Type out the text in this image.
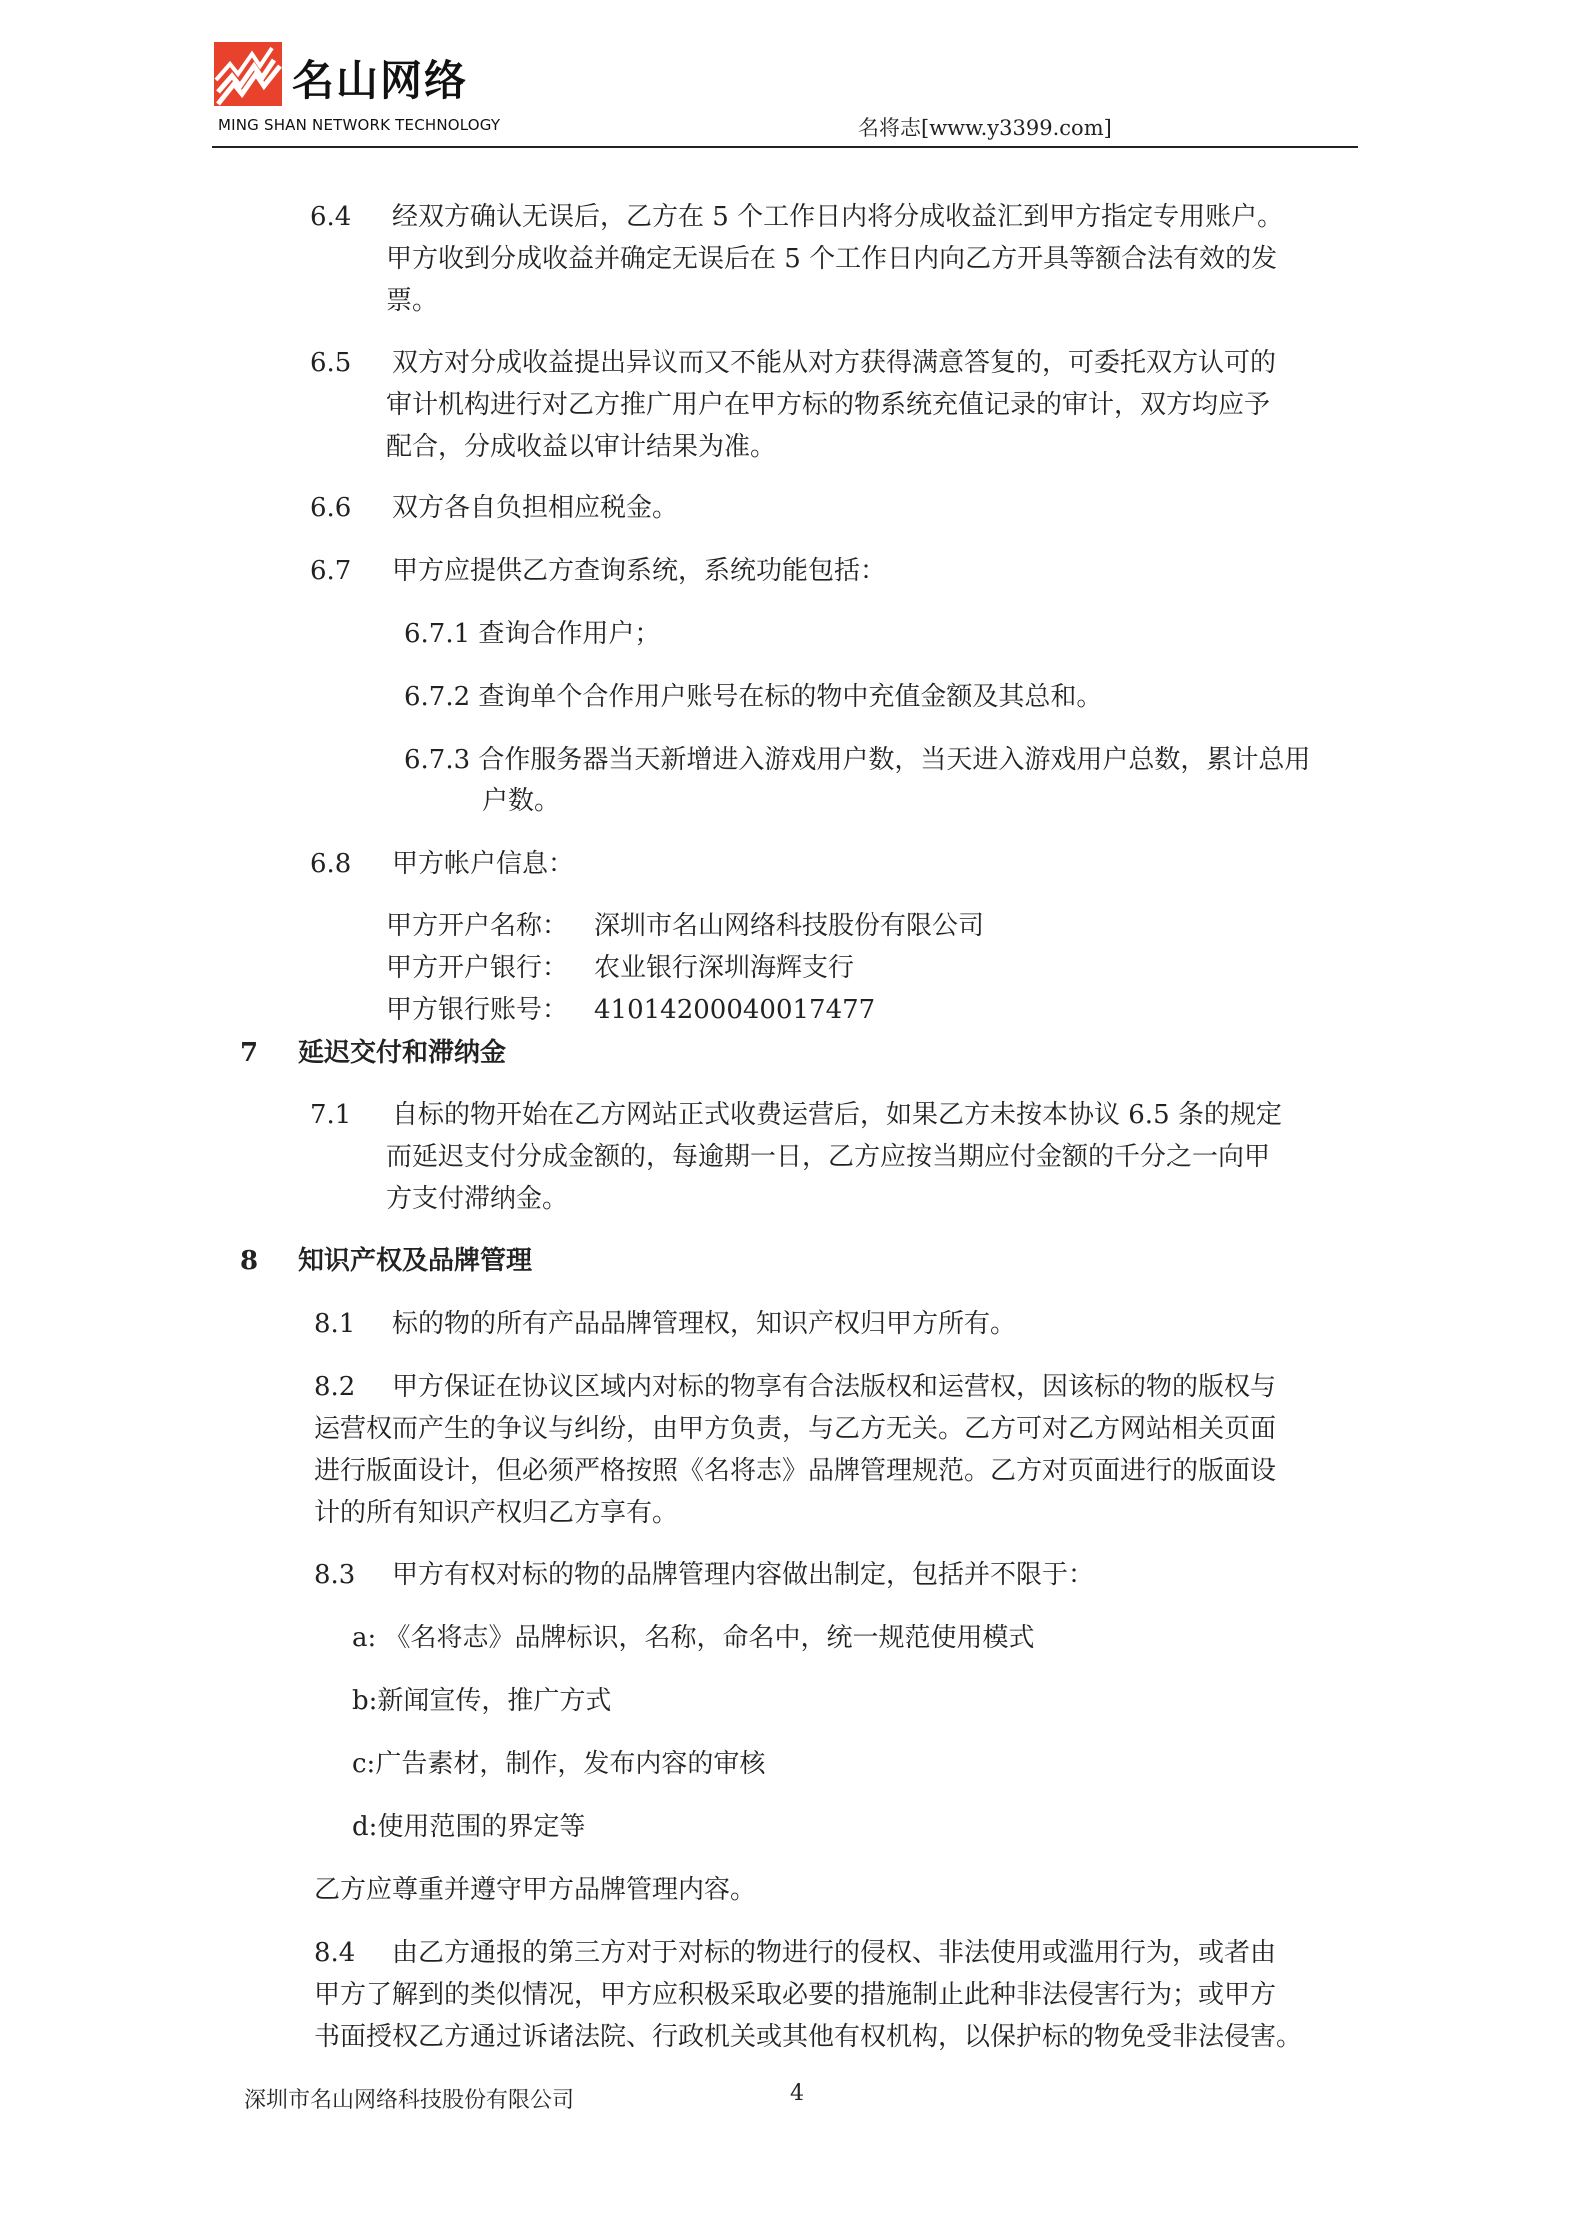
名山网络
MING SHAN NETWORK TECHNOLOGY	名将志[www.y3399.com]
6.4 经双方确认无误后，乙方在 5 个工作日内将分成收益汇到甲方指定专用账户。
甲方收到分成收益并确定无误后在 5 个工作日内向乙方开具等额合法有效的发
票。
6.5 双方对分成收益提出异议而又不能从对方获得满意答复的，可委托双方认可的
审计机构进行对乙方推广用户在甲方标的物系统充值记录的审计，双方均应予
配合，分成收益以审计结果为准。
6.6 双方各自负担相应税金。
6.7 甲方应提供乙方查询系统，系统功能包括：
6.7.1 查询合作用户；
6.7.2 查询单个合作用户账号在标的物中充值金额及其总和。
6.7.3 合作服务器当天新增进入游戏用户数，当天进入游戏用户总数，累计总用
户数。
6.8 甲方帐户信息：
甲方开户名称： 深圳市名山网络科技股份有限公司
甲方开户银行： 农业银行深圳海辉支行
甲方银行账号： 41014200040017477
7 延迟交付和滞纳金
7.1 自标的物开始在乙方网站正式收费运营后，如果乙方未按本协议 6.5 条的规定
而延迟支付分成金额的，每逾期一日，乙方应按当期应付金额的千分之一向甲
方支付滞纳金。
8 知识产权及品牌管理
8.1 标的物的所有产品品牌管理权，知识产权归甲方所有。
8.2 甲方保证在协议区域内对标的物享有合法版权和运营权，因该标的物的版权与
运营权而产生的争议与纠纷，由甲方负责，与乙方无关。乙方可对乙方网站相关页面
进行版面设计，但必须严格按照《名将志》品牌管理规范。乙方对页面进行的版面设
计的所有知识产权归乙方享有。
8.3 甲方有权对标的物的品牌管理内容做出制定，包括并不限于：
a: 《名将志》品牌标识，名称，命名中，统一规范使用模式
b:新闻宣传，推广方式
c:广告素材，制作，发布内容的审核
d:使用范围的界定等
乙方应尊重并遵守甲方品牌管理内容。
8.4 由乙方通报的第三方对于对标的物进行的侵权、非法使用或滥用行为，或者由
甲方了解到的类似情况，甲方应积极采取必要的措施制止此种非法侵害行为；或甲方
书面授权乙方通过诉诸法院、行政机关或其他有权机构，以保护标的物免受非法侵害。
深圳市名山网络科技股份有限公司	4
